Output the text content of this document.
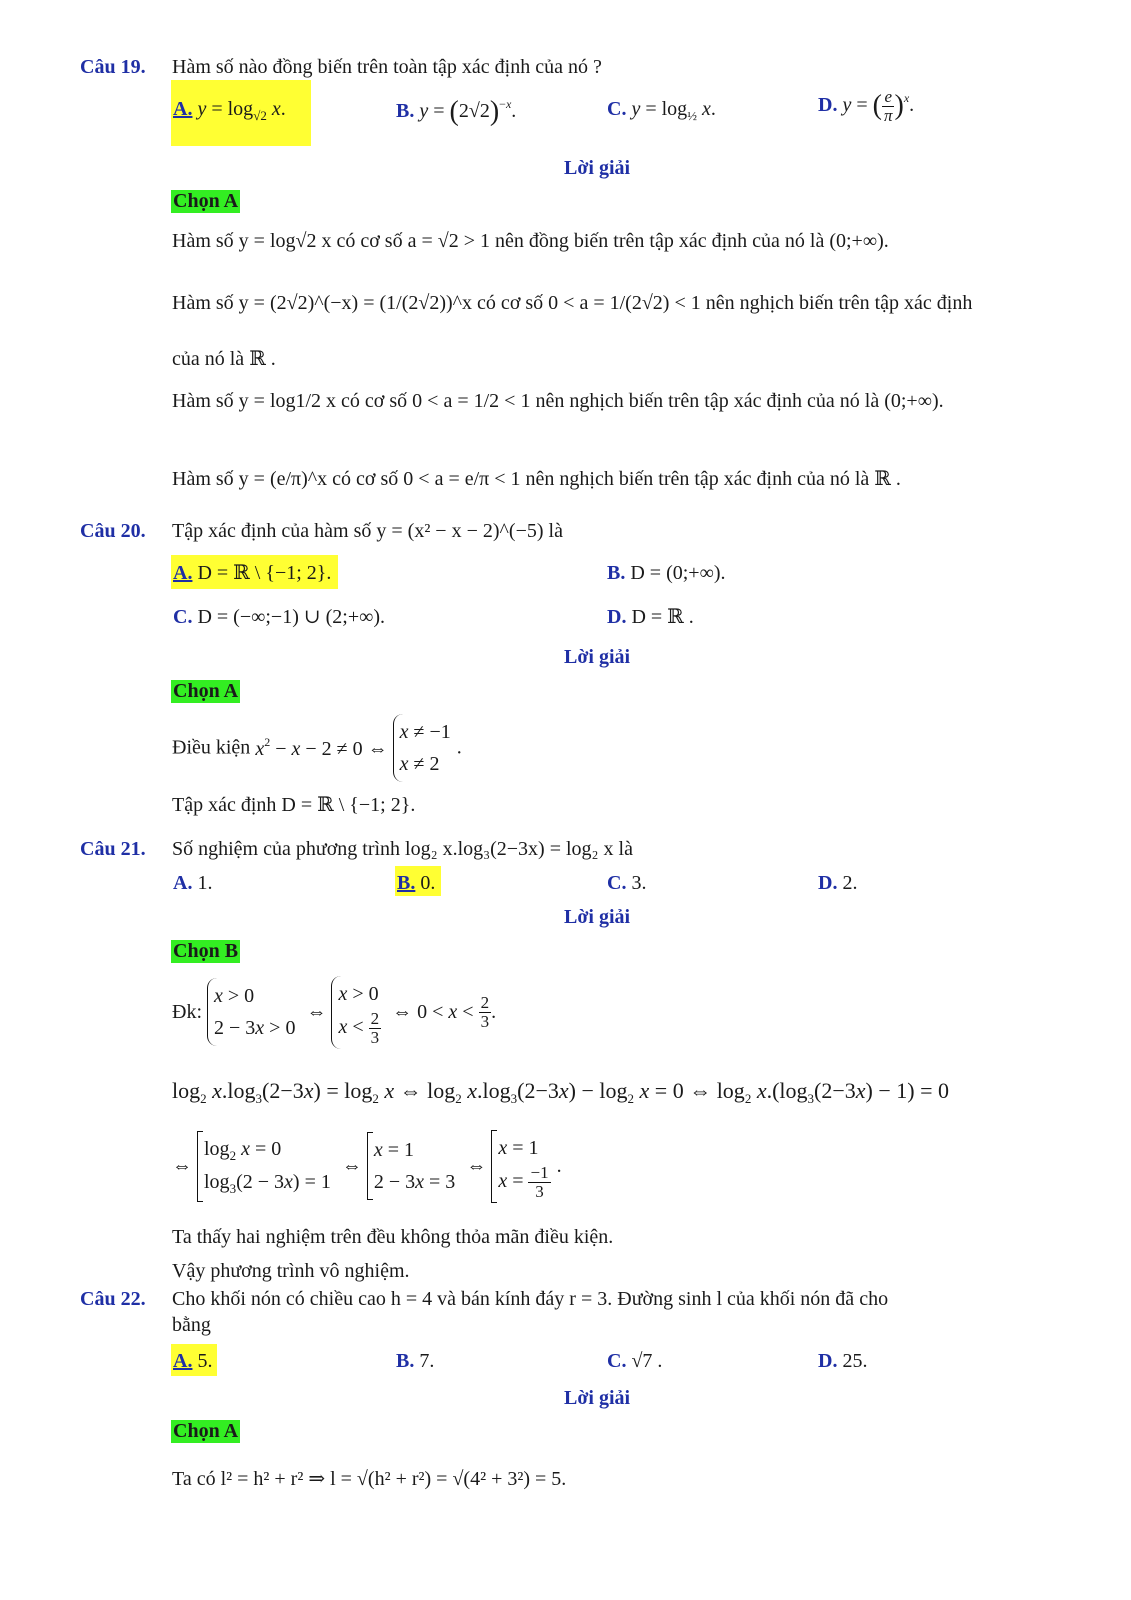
Câu 19. Hàm số nào đồng biến trên toàn tập xác định của nó ?
A. $y = \log_{√2} x$.	B. $y = (2√2)^{-x}$.	C. $y = \log_{\frac{1}{2}} x$.	D. y = ( $\frac{e}{\pi} )^x$.
Lời giải
Chọn A
Hàm số y = log√2 x có cơ số a = √2 > 1 nên đồng biến trên tập xác định của nó là (0;+∞).
Hàm số y = (2√2)^(−x) = (1/(2√2))^x có cơ số 0 < a = 1/(2√2) < 1 nên nghịch biến trên tập xác định
của nó là ℝ .
Hàm số y = log1/2 x có cơ số 0 < a = 1/2 < 1 nên nghịch biến trên tập xác định của nó là (0;+∞).
Hàm số y = (e/π)^x có cơ số 0 < a = e/π < 1 nên nghịch biến trên tập xác định của nó là ℝ .
Câu 20. Tập xác định của hàm số y = (x² − x − 2)^(−5) là
A. D = ℝ \ {−1; 2}.	B. D = (0;+∞).
C. D = (−∞;−1) ∪ (2;+∞).	D. D = ℝ .
Lời giải
Chọn A
Điều kiện $x^2 - x - 2 \ne 0$ ⇔ x ≠ −1
x ≠ 2.
Tập xác định D = ℝ \ {−1; 2}.
Câu 21. Số nghiệm của phương trình log₂ x.log₃(2−3x) = log₂ x là
A. 1.	B. 0.	C. 3.	D. 2.
Lời giải
Chọn B
Đk: x > 0
2 − 3x > 0 ⇔ x > 0
$x < \frac{2}{3}$ ⇔ $0 < x < \frac{2}{3}$ .
$\log_2 x.\log_3(2-3x) = \log_2 x$ ⇔ $\log_2 x.\log_3(2-3x) - \log_2 x = 0$ ⇔ $\log_2 x.(\log_3(2-3x) - 1) = 0$
⇔ $\log_2 x = 0$
$\log_3(2 - 3x) = 1$ ⇔ x = 1
2 − 3x = 3 ⇔ x = 1
$x = \frac{-1}{3}$ .
Ta thấy hai nghiệm trên đều không thỏa mãn điều kiện.
Vậy phương trình vô nghiệm.
Câu 22. Cho khối nón có chiều cao h = 4 và bán kính đáy r = 3. Đường sinh l của khối nón đã cho
bằng
A. 5.	B. 7.	C. √7 .	D. 25.
Lời giải
Chọn A
Ta có l² = h² + r² ⇒ l = √(h² + r²) = √(4² + 3²) = 5.
